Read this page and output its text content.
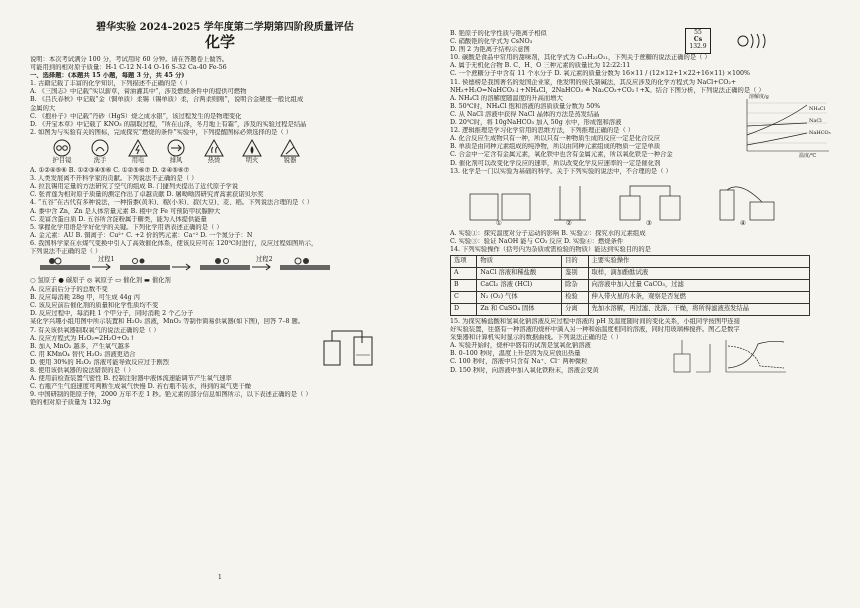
碧华实验 2024–2025 学年度第二学期第四阶段质量评估
化学
说明：本次考试满分 100 分，考试用时 60 分钟。请在答题卷上做答。
可能用到的相对原子质量：H-1 C-12 N-14 O-16 S-32 Ca-40 Fe-56
一、选择题：(本题共 15 小题，每题 3 分，共 45 分)
1. 古籍记载了丰富的化学知识，下列描述不正确的是（ ）
A. 《三国志》中记载“实以薪草，膏油灌其中”，涉及燃烧条件中的提供可燃物
B. 《吕氏春秋》中记载“金（铜单质）柔锡（锡单质）柔，合两柔则刚”，说明合金硬度一般比组成
金属的大
C. 《抱朴子》中记载“丹砂（HgS）烧之成水银”，该过程发生的是物理变化
D. 《开宝本草》中记载了 KNO₃ 的制取过程，“所在山泽，冬月地上有霜”，涉及的实验过程是结晶
2. 如图为与实验有关的图标，完成探究“燃烧的条件”实验中，下列提醒图标必须选择的是（ ）
护目镜	洗手	用电	排风	热烫	明火	锐器
A. ①②④⑤⑥ B. ①②③④⑤⑥ C. ①②⑤⑥⑦ D. ②④⑤⑥⑦
3. 人类发展离不开科学家的贡献。下列说法不正确的是（ ）
A. 拉瓦锡用定量的方法研究了空气的组成 B. 门捷列夫提出了近代原子学说
C. 张青莲为相对原子质量的测定作出了卓越贡献 D. 屠呦呦因研究青蒿素获诺贝尔奖
4. “五谷”在古代有多种说法，一种指黍(黄米)、稷(小米)、菽(大豆)、麦、稻。下列说法合理的是（ ）
A. 黍中含 Zn，Zn 是人体常量元素 B. 稷中含 Fe 可预防甲状腺肿大
C. 麦富含蛋白质 D. 五谷所含淀粉属于糖类，能为人体提供能量
5. 掌握化学用语是学好化学的关键。下列化学用语表述正确的是（ ）
A. 金元素：AU B. 铜离子：Cu²⁺ C. +2 价的钙元素：Ca⁺² D. 一个氮分子：N
6. 我国科学家在水煤气变换中引入了高效催化体系，使该反应可在 120℃时进行，反应过程如图所示，
下列说法不正确的是（ ）
过程1	过程2
○ 氢原子 ● 碳原子 ◎ 氧原子 ▭ 催化剂 ▬ 催化剂
A. 反应前后分子的总数不变
B. 反应每消耗 28g 甲，可生成 44g 丙
C. 该反应前后催化剂的质量和化学性质均不变
D. 反应过程中，每消耗 1 个甲分子，同时消耗 2 个乙分子
某化学兴趣小组用图中所示装置和 H₂O₂ 溶液，MnO₂ 等制作简易供氧器(如下图)，回答 7–8 题。
7. 有关该供氧器制取氧气的说法正确的是（ ）
A. 反应方程式为 H₂O₂=2H₂O+O₂↑
B. 加入 MnO₂ 越多，产生氧气越多
C. 用 KMnO₄ 替代 H₂O₂ 溶液更适合
D. 使用 30%的 H₂O₂ 溶液可能导致反应过于剧烈
8. 使用该供氧器的说法错误的是（ ）
A. 使用前检查装置气密性 B. 控制注射器中液体流速能调节产生氧气速率
C. 右瓶产生气泡速度可判断生成氧气快慢 D. 若右瓶不装水，得到的氧气更干燥
9. 中国研制的铯原子钟，2000 万年不差 1 秒。铯元素的部分信息如图所示，以下表述正确的是（ ）
铯的相对原子质量为 132.9g
1
B. 铯原子的化学性质与铯离子相似
C. 硝酸铯的化学式为 CsNO₃
D. 图 2 为铯离子结构示意图
55
Cs
132.9
10. 碳酸是食品中常用的甜味剂，其化学式为 C₁₂H₂₂O₁₁，下列关于蔗糖的说法正确的是（ ）
A. 属于无机化合物 B. C、H、O 三种元素的质量比为 12:22:11
C. 一个蔗糖分子中含有 11 个水分子 D. 氧元素的质量分数为 16×11 / (12×12+1×22+16×11) ×100%
11. 侯德榜是我国著名的爱国企业家，他发明的侯氏制碱法，其反应涉及的化学方程式为 NaCl+CO₂+
NH₃+H₂O=NaHCO₃↓+NH₄Cl，2NaHCO₃ ≜ Na₂CO₃+CO₂↑+X。结合下图分析，下列说法正确的是（ ）
A. NH₄Cl 的溶解度随温度的升高而增大
B. 50℃时，NH₄Cl 饱和溶液的溶质质量分数为 50%
C. 从 NaCl 溶液中获得 NaCl 晶体的方法是蒸发结晶
D. 20℃时，将 10gNaHCO₃ 加入 50g 水中，形成饱和溶液
12. 逻辑推理是学习化学常用的思维方法，下列推理正确的是（ ）
A. 化合反应生成物只有一种，所以只有一种物质生成的反应一定是化合反应
B. 单质是由同种元素组成的纯净物，所以由同种元素组成的物质一定是单质
C. 合金中一定含有金属元素，氧化铁中也含有金属元素，所以氧化铁是一种合金
D. 催化剂可以改变化学反应的速率，所以改变化学反应速率的一定是催化剂
溶解度/g
NH₄Cl
NaCl
NaHCO₃
温度/℃
13. 化学是一门以实验为基础的科学。关于下列实验的说法中，不合理的是（ ）
①	②	③	④
A. 实验①：探究温度对分子运动的影响 B. 实验②：探究水的元素组成
C. 实验③：验证 NaOH 能与 CO₂ 反应 D. 实验④：燃烧条件
14. 下列实验操作（括号内为杂质或需检验的物质）能达到实验目的的是
选项	物质	目的	主要实验操作
A	NaCl 溶液和稀盐酸	鉴别	取样，滴加酚酞试液
B	CaCl₂ 溶液 (HCl)	除杂	向溶液中加入过量 CaCO₃，过滤
C	N₂ (O₂) 气体	检验	伸入带火星的木条，观察是否复燃
D	Zn 和 CuSO₄ 固体	分离	先加水溶解，再过滤、洗涤、干燥，将所得滤液蒸发结晶
15. 为探究稀盐酸和氢氧化钠溶液反应过程中溶液的 pH 及温度随时间的变化关系，小组同学按图甲连接
好实验装置，往盛有一种溶液的烧杯中滴入另一种和始温度相同的溶液，同时用玻璃棒搅拌。图乙是数字
采集器和计算机实时显示的数据曲线。下列说法正确的是（ ）
A. 实验开始时，烧杯中盛有的试剂是氢氧化钠溶液
B. 0–100 秒时，温度上升是因为反应放出热量
C. 100 秒时，溶液中只含有 Na⁺、Cl⁻ 两种微粒
D. 150 秒时，向溶液中加入氧化铁粉末，溶液会变黄
